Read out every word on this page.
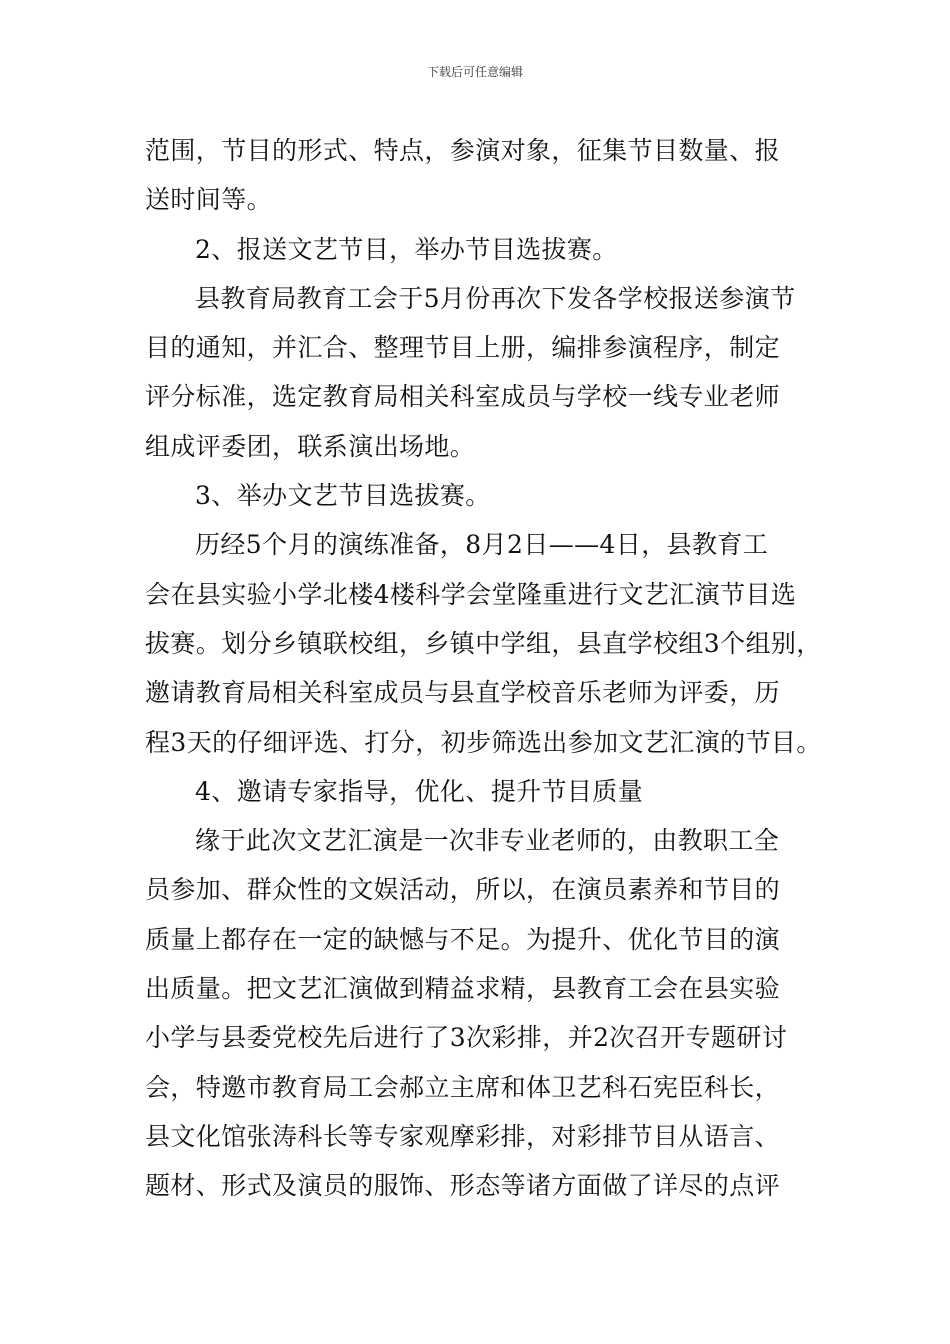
下载后可任意编辑
范围，节目的形式、特点，参演对象，征集节目数量、报
送时间等。
2、报送文艺节目，举办节目选拔赛。
县教育局教育工会于5月份再次下发各学校报送参演节
目的通知，并汇合、整理节目上册，编排参演程序，制定
评分标准，选定教育局相关科室成员与学校一线专业老师
组成评委团，联系演出场地。
3、举办文艺节目选拔赛。
历经5个月的演练准备，8月2日——4日，县教育工
会在县实验小学北楼4楼科学会堂隆重进行文艺汇演节目选
拔赛。划分乡镇联校组，乡镇中学组，县直学校组3个组别，
邀请教育局相关科室成员与县直学校音乐老师为评委，历
程3天的仔细评选、打分，初步筛选出参加文艺汇演的节目。
4、邀请专家指导，优化、提升节目质量
缘于此次文艺汇演是一次非专业老师的，由教职工全
员参加、群众性的文娱活动，所以，在演员素养和节目的
质量上都存在一定的缺憾与不足。为提升、优化节目的演
出质量。把文艺汇演做到精益求精，县教育工会在县实验
小学与县委党校先后进行了3次彩排，并2次召开专题研讨
会，特邀市教育局工会郝立主席和体卫艺科石宪臣科长，
县文化馆张涛科长等专家观摩彩排，对彩排节目从语言、
题材、形式及演员的服饰、形态等诸方面做了详尽的点评
